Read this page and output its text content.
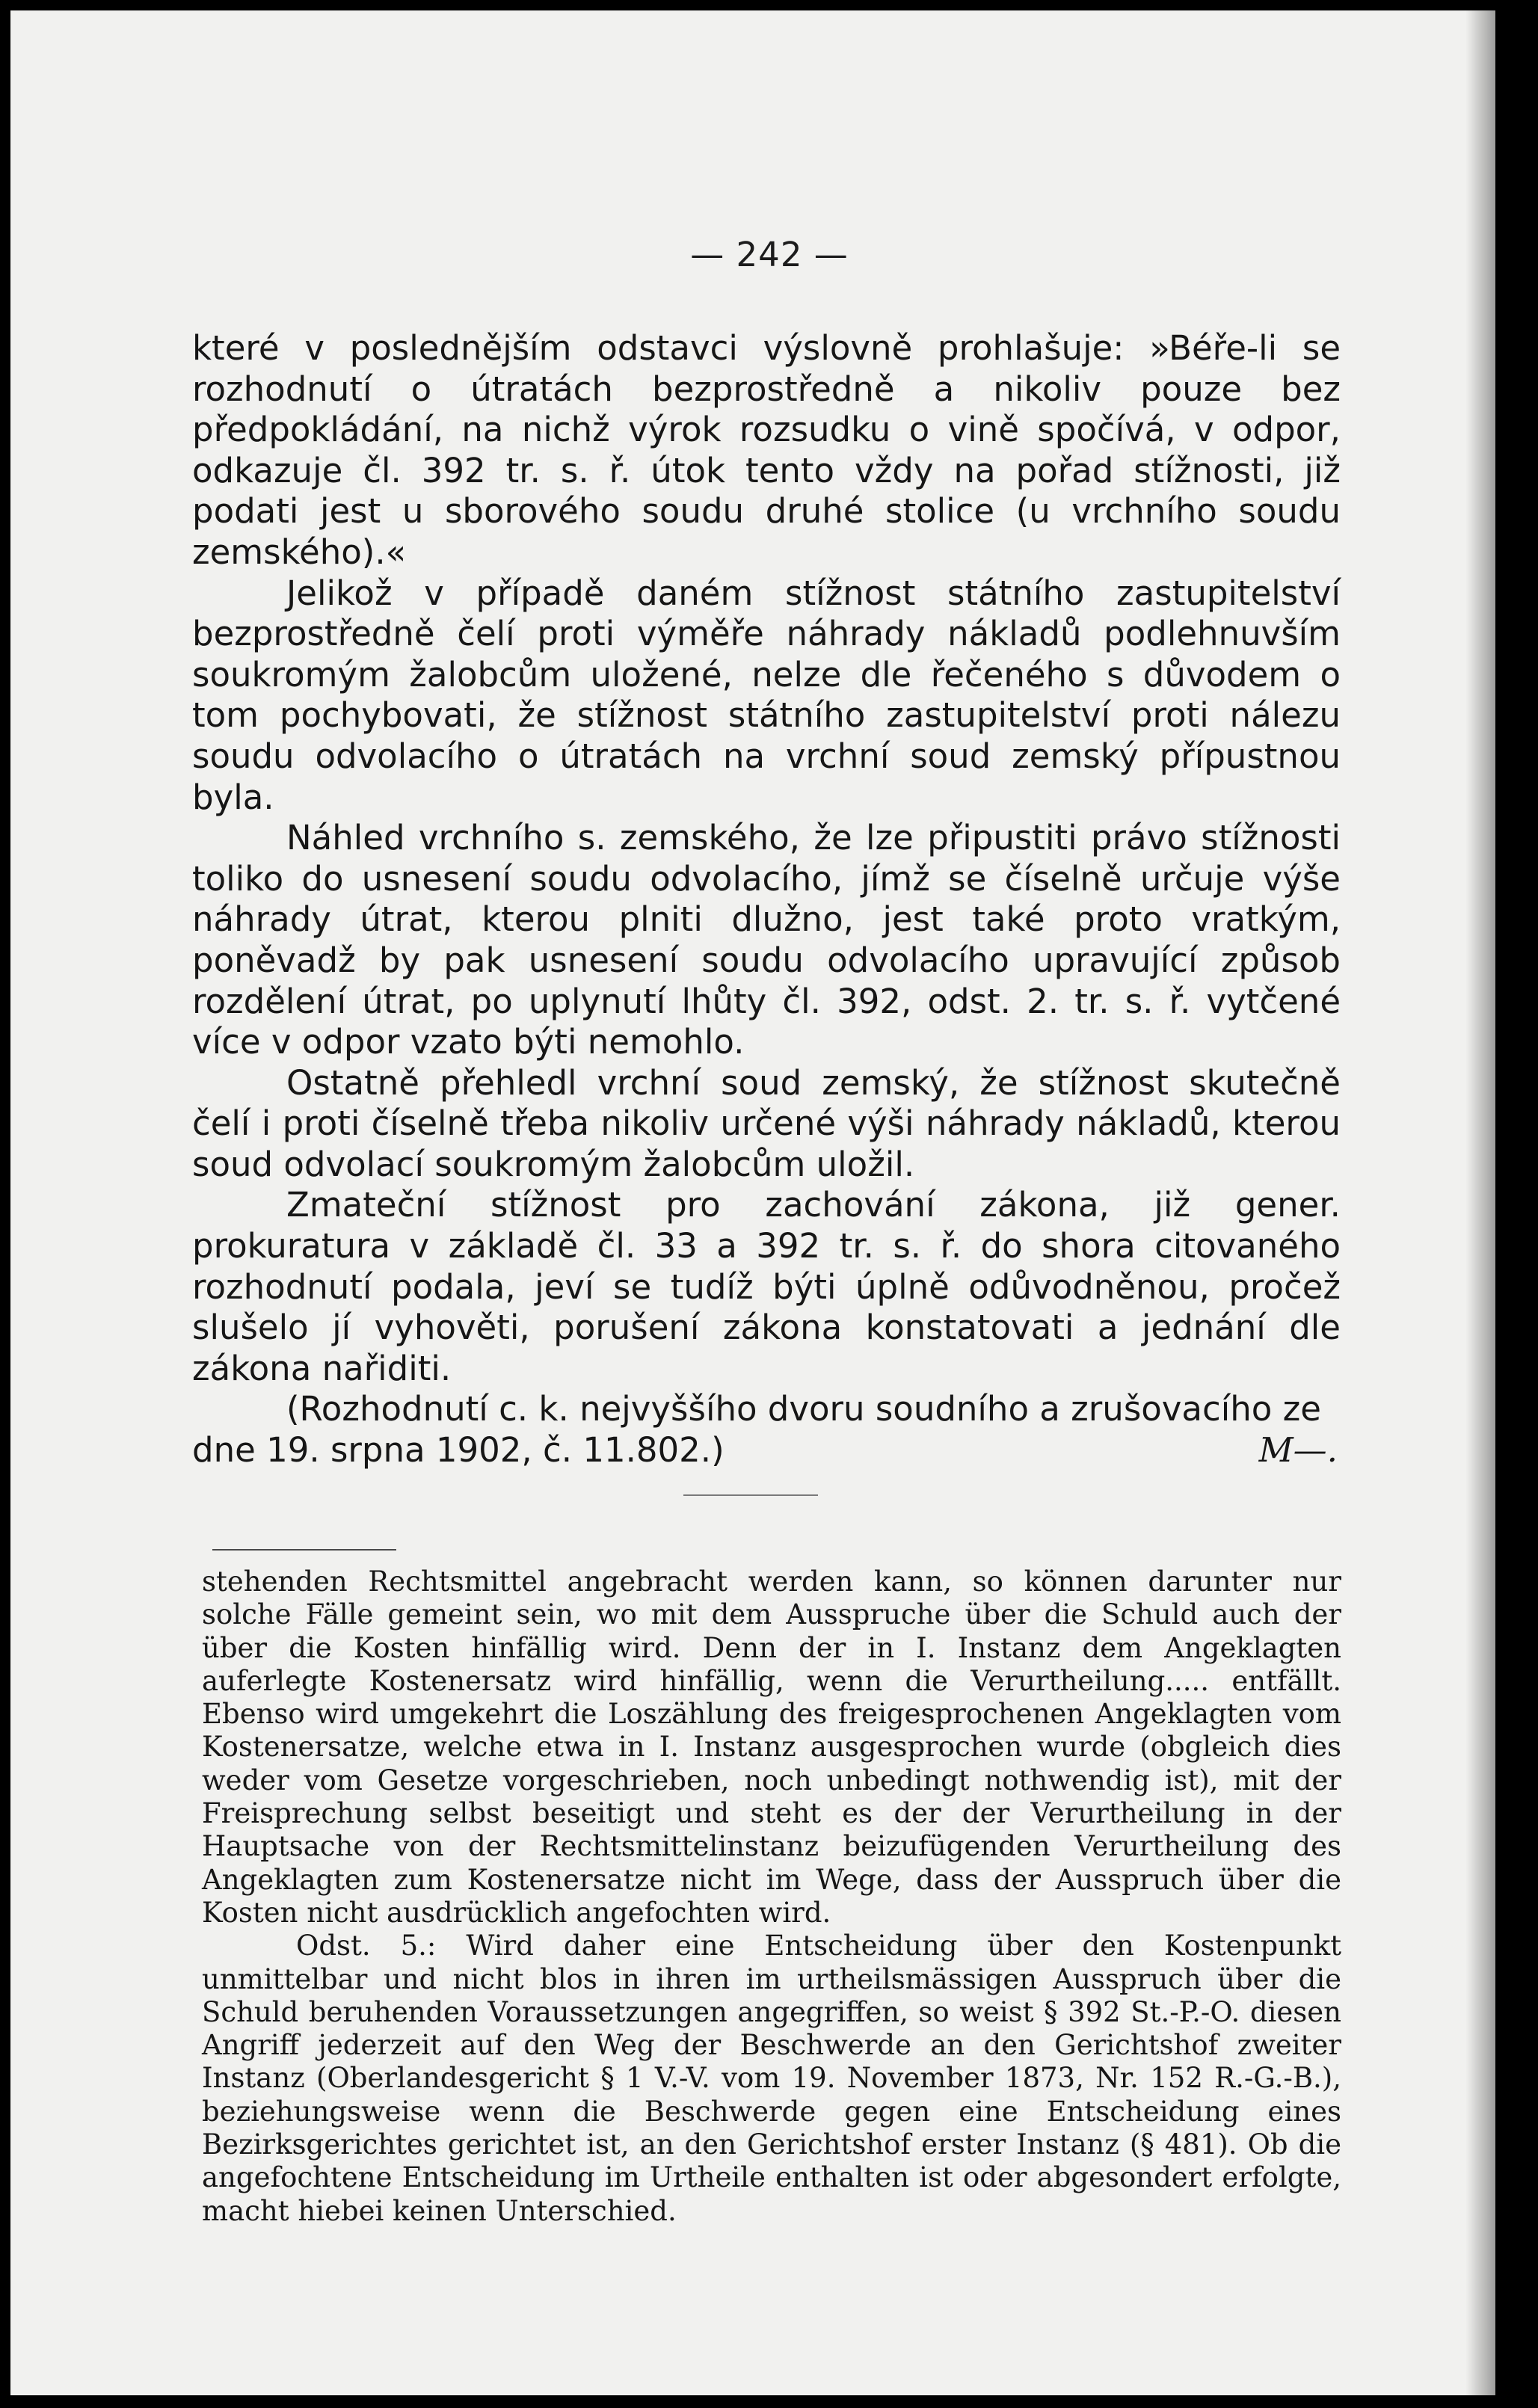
— 242 —

které v poslednějším odstavci výslovně prohlašuje: »Béře-li se rozhodnutí o útratách bezprostředně a nikoliv pouze bez předpokládání, na nichž výrok rozsudku o vině spočívá, v odpor, odkazuje čl. 392 tr. s. ř. útok tento vždy na pořad stížnosti, již podati jest u sborového soudu druhé stolice (u vrchního soudu zemského).«

Jelikož v případě daném stížnost státního zastupitelství bezprostředně čelí proti výměře náhrady nákladů podlehnuvším soukromým žalobcům uložené, nelze dle řečeného s důvodem o tom pochybovati, že stížnost státního zastupitelství proti nálezu soudu odvolacího o útratách na vrchní soud zemský přípustnou byla.

Náhled vrchního s. zemského, že lze připustiti právo stížnosti toliko do usnesení soudu odvolacího, jímž se číselně určuje výše náhrady útrat, kterou plniti dlužno, jest také proto vratkým, poněvadž by pak usnesení soudu odvolacího upravující způsob rozdělení útrat, po uplynutí lhůty čl. 392, odst. 2. tr. s. ř. vytčené více v odpor vzato býti nemohlo.

Ostatně přehledl vrchní soud zemský, že stížnost skutečně čelí i proti číselně třeba nikoliv určené výši náhrady nákladů, kterou soud odvolací soukromým žalobcům uložil.

Zmateční stížnost pro zachování zákona, již gener. prokuratura v základě čl. 33 a 392 tr. s. ř. do shora citovaného rozhodnutí podala, jeví se tudíž býti úplně odůvodněnou, pročež slušelo jí vyhověti, porušení zákona konstatovati a jednání dle zákona nařiditi.

(Rozhodnutí c. k. nejvyššího dvoru soudního a zrušovacího ze dne 19. srpna 1902, č. 11.802.)	M—.

stehenden Rechtsmittel angebracht werden kann, so können darunter nur solche Fälle gemeint sein, wo mit dem Ausspruche über die Schuld auch der über die Kosten hinfällig wird. Denn der in I. Instanz dem Angeklagten auferlegte Kostenersatz wird hinfällig, wenn die Verurtheilung..... entfällt. Ebenso wird umgekehrt die Loszählung des freigesprochenen Angeklagten vom Kostenersatze, welche etwa in I. Instanz ausgesprochen wurde (obgleich dies weder vom Gesetze vorgeschrieben, noch unbedingt nothwendig ist), mit der Freisprechung selbst beseitigt und steht es der der Verurtheilung in der Hauptsache von der Rechtsmittelinstanz beizufügenden Verurtheilung des Angeklagten zum Kostenersatze nicht im Wege, dass der Ausspruch über die Kosten nicht ausdrücklich angefochten wird.

Odst. 5.: Wird daher eine Entscheidung über den Kostenpunkt unmittelbar und nicht blos in ihren im urtheilsmässigen Ausspruch über die Schuld beruhenden Voraussetzungen angegriffen, so weist § 392 St.-P.-O. diesen Angriff jederzeit auf den Weg der Beschwerde an den Gerichtshof zweiter Instanz (Oberlandesgericht § 1 V.-V. vom 19. November 1873, Nr. 152 R.-G.-B.), beziehungsweise wenn die Beschwerde gegen eine Entscheidung eines Bezirksgerichtes gerichtet ist, an den Gerichtshof erster Instanz (§ 481). Ob die angefochtene Entscheidung im Urtheile enthalten ist oder abgesondert erfolgte, macht hiebei keinen Unterschied.
